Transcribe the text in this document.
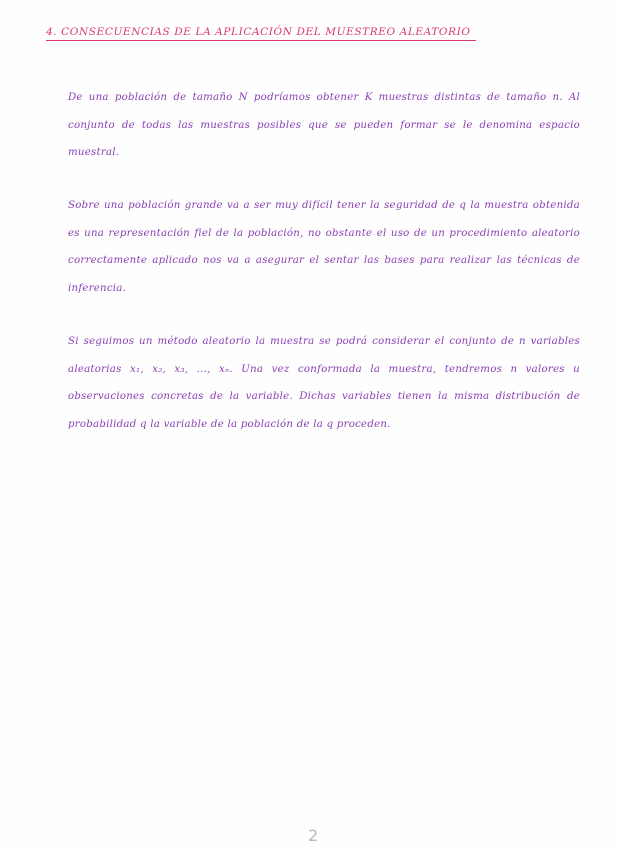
4. CONSECUENCIAS DE LA APLICACIÓN DEL MUESTREO ALEATORIO
De una población de tamaño N podríamos obtener K muestras distintas de tamaño n. Al conjunto de todas las muestras posibles que se pueden formar se le denomina espacio muestral.
Sobre una población grande va a ser muy difícil tener la seguridad de q la muestra obtenida es una representación fiel de la población, no obstante el uso de un procedimiento aleatorio correctamente aplicado nos va a asegurar el sentar las bases para realizar las técnicas de inferencia.
Si seguimos un método aleatorio la muestra se podrá considerar el conjunto de n variables aleatorias x₁, x₂, x₃, ..., xₙ. Una vez conformada la muestra, tendremos n valores u observaciones concretas de la variable. Dichas variables tienen la misma distribución de probabilidad q la variable de la población de la q proceden.
2
